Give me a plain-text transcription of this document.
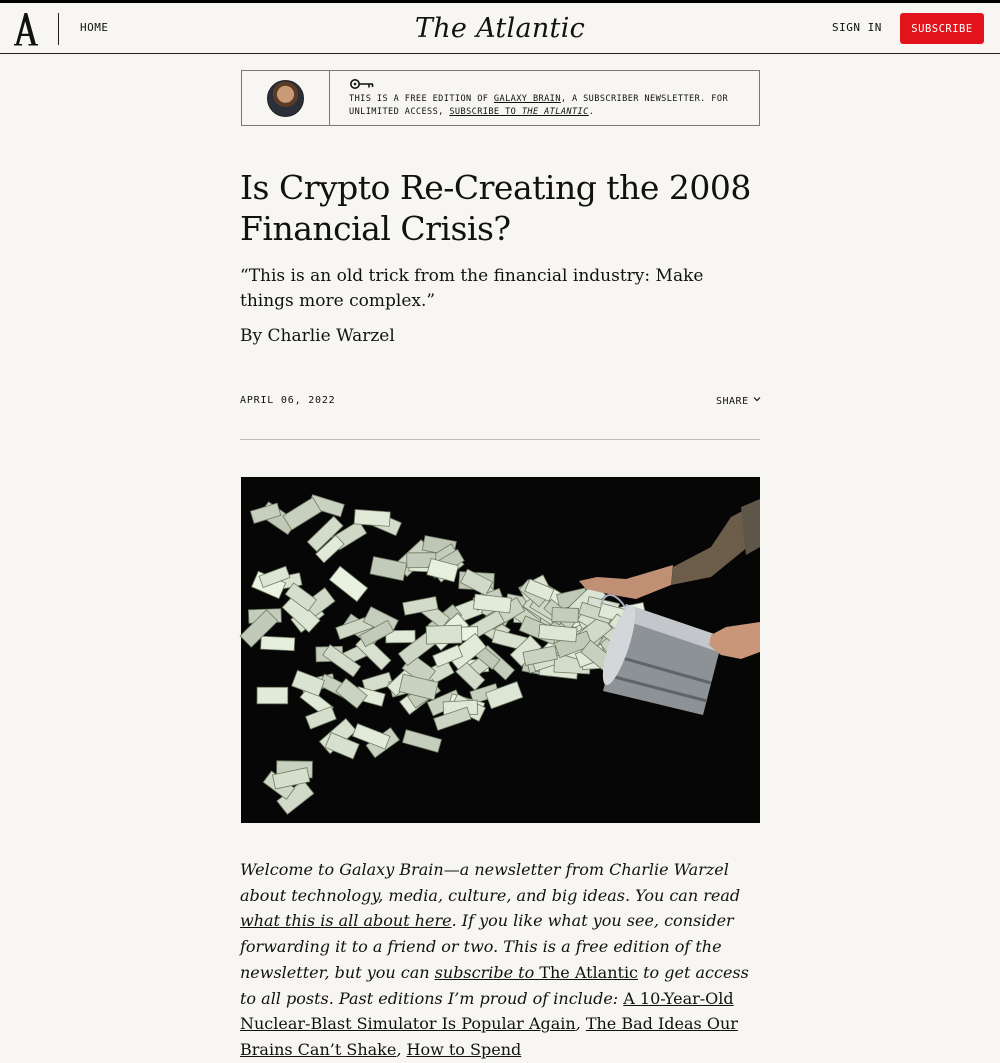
HOME	The Atlantic	SIGN IN	SUBSCRIBE
THIS IS A FREE EDITION OF GALAXY BRAIN, A SUBSCRIBER NEWSLETTER. FOR UNLIMITED ACCESS, SUBSCRIBE TO THE ATLANTIC.
Is Crypto Re-Creating the 2008 Financial Crisis?

“This is an old trick from the financial industry: Make things more complex.”

By Charlie Warzel
APRIL 06, 2022	SHARE
Welcome to Galaxy Brain—a newsletter from Charlie Warzel about technology, media, culture, and big ideas. You can read what this is all about here. If you like what you see, consider forwarding it to a friend or two. This is a free edition of the newsletter, but you can subscribe to The Atlantic to get access to all posts. Past editions I’m proud of include: A 10-Year-Old Nuclear-Blast Simulator Is Popular Again, The Bad Ideas Our Brains Can’t Shake, How to Spend
